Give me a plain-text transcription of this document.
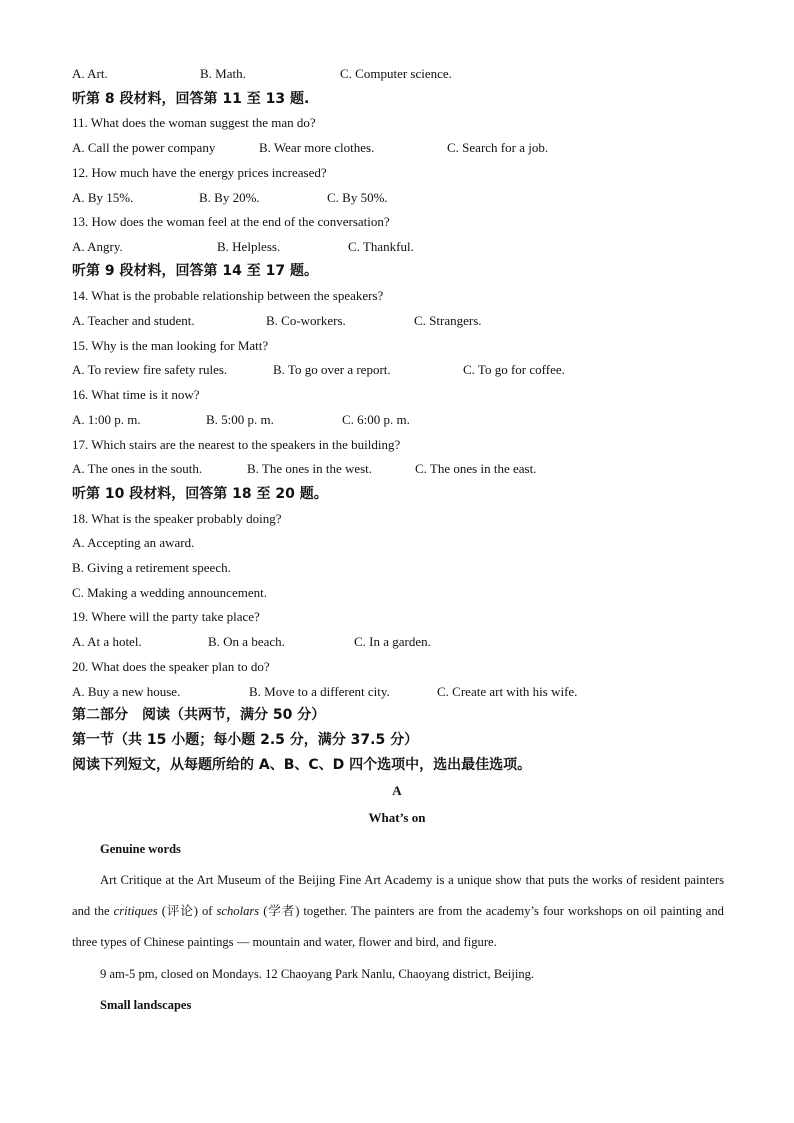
A. Art.	B. Math.	C. Computer science.
听第 8 段材料，回答第 11 至 13 题.
11. What does the woman suggest the man do?
A. Call the power company	B. Wear more clothes.	C. Search for a job.
12. How much have the energy prices increased?
A. By 15%.	B. By 20%.	C. By 50%.
13. How does the woman feel at the end of the conversation?
A. Angry.	B. Helpless.	C. Thankful.
听第 9 段材料，回答第 14 至 17 题。
14. What is the probable relationship between the speakers?
A. Teacher and student.	B. Co-workers.	C. Strangers.
15. Why is the man looking for Matt?
A. To review fire safety rules.	B. To go over a report.	C. To go for coffee.
16. What time is it now?
A. 1:00 p. m.	B. 5:00 p. m.	C. 6:00 p. m.
17. Which stairs are the nearest to the speakers in the building?
A. The ones in the south.	B. The ones in the west.	C. The ones in the east.
听第 10 段材料，回答第 18 至 20 题。
18. What is the speaker probably doing?
A. Accepting an award.
B. Giving a retirement speech.
C. Making a wedding announcement.
19. Where will the party take place?
A. At a hotel.	B. On a beach.	C. In a garden.
20. What does the speaker plan to do?
A. Buy a new house.	B. Move to a different city.	C. Create art with his wife.
第二部分　阅读（共两节，满分 50 分）
第一节（共 15 小题；每小题 2.5 分，满分 37.5 分）
阅读下列短文，从每题所给的 A、B、C、D 四个选项中，选出最佳选项。
A
What’s on
Genuine words
Art Critique at the Art Museum of the Beijing Fine Art Academy is a unique show that puts the works of resident painters and the critiques (评论) of scholars (学者) together. The painters are from the academy’s four workshops on oil painting and three types of Chinese paintings — mountain and water, flower and bird, and figure.
9 am-5 pm, closed on Mondays. 12 Chaoyang Park Nanlu, Chaoyang district, Beijing.
Small landscapes
